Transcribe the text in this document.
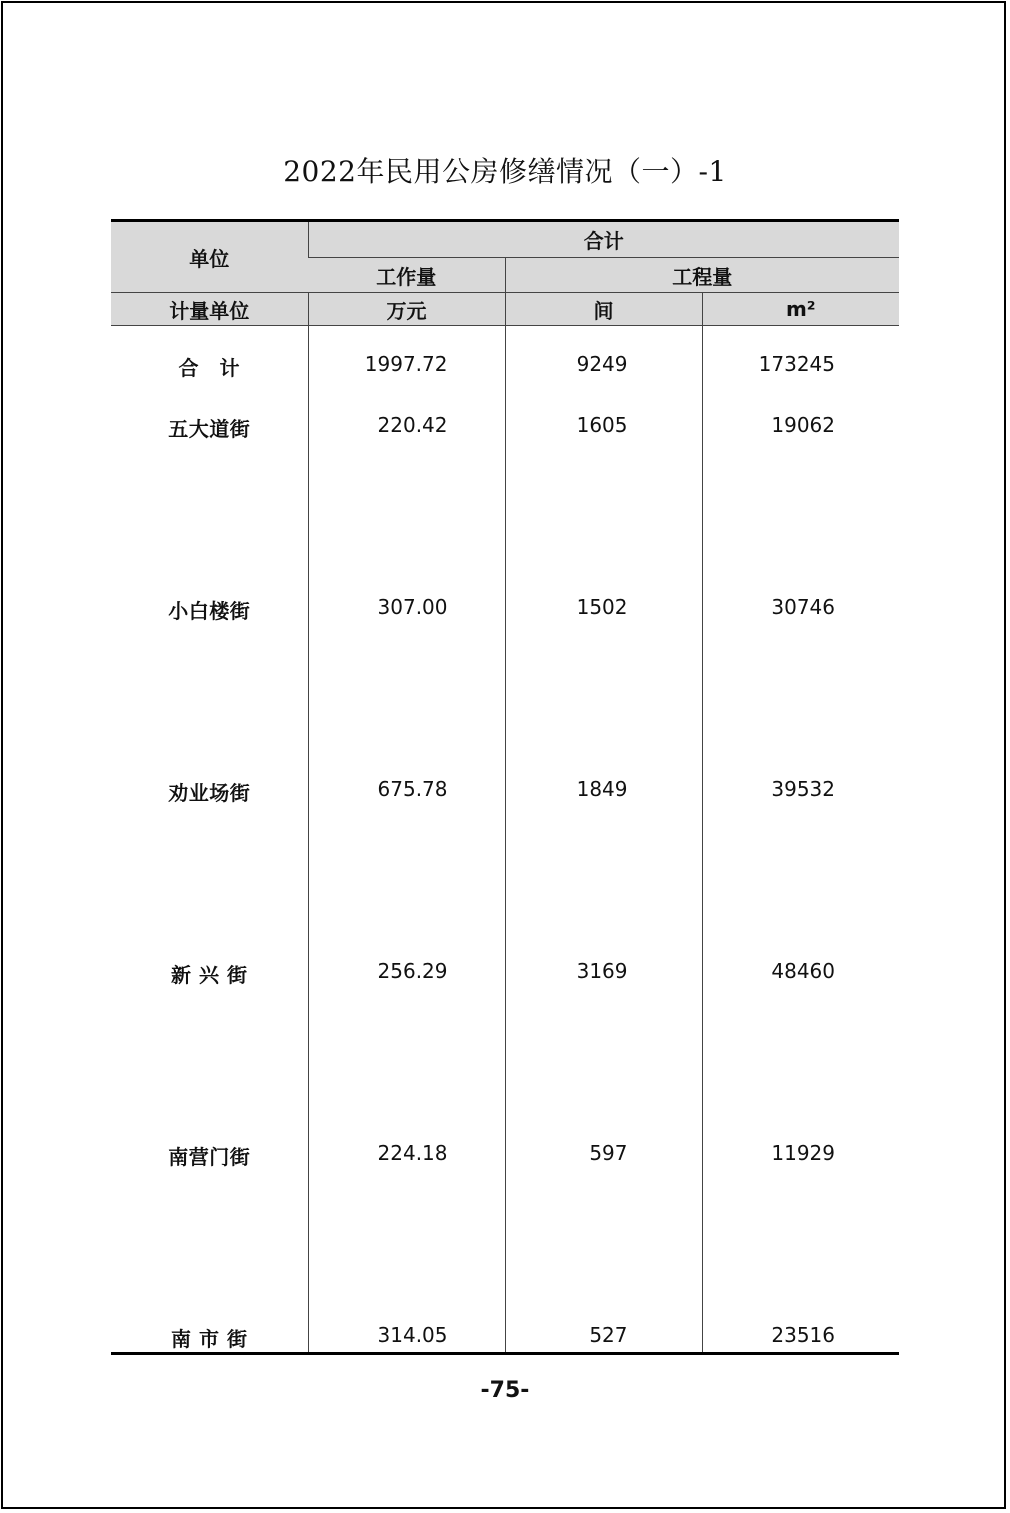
2022年民用公房修缮情况（一）-1
单位	合计		
	工作量	工程量	
计量单位	万元	间	m²
合　计	1997.72	9249	173245
五大道街	220.42	1605	19062
小白楼街	307.00	1502	30746
劝业场街	675.78	1849	39532
新 兴 街	256.29	3169	48460
南营门街	224.18	597	11929
南 市 街	314.05	527	23516
-75-
